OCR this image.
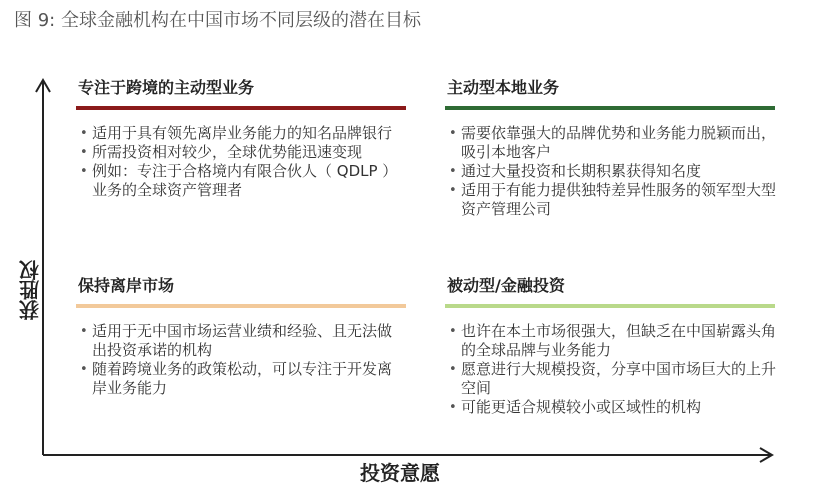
图 9: 全球金融机构在中国市场不同层级的潜在目标
获胜权
投资意愿
专注于跨境的主动型业务
• 适用于具有领先离岸业务能力的知名品牌银行
• 所需投资相对较少，全球优势能迅速变现
• 例如：专注于合格境内有限合伙人（ QDLP ）业务的全球资产管理者
主动型本地业务
• 需要依靠强大的品牌优势和业务能力脱颖而出，吸引本地客户
• 通过大量投资和长期积累获得知名度
• 适用于有能力提供独特差异性服务的领军型大型资产管理公司
保持离岸市场
• 适用于无中国市场运营业绩和经验、且无法做出投资承诺的机构
• 随着跨境业务的政策松动，可以专注于开发离岸业务能力
被动型/金融投资
• 也许在本土市场很强大，但缺乏在中国崭露头角的全球品牌与业务能力
• 愿意进行大规模投资，分享中国市场巨大的上升空间
• 可能更适合规模较小或区域性的机构
